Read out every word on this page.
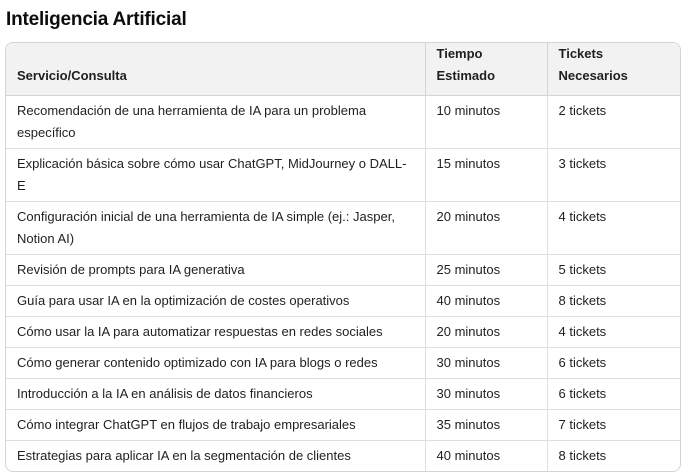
Inteligencia Artificial
Servicio/Consulta	Tiempo Estimado	Tickets Necesarios
Recomendación de una herramienta de IA para un problema específico	10 minutos	2 tickets
Explicación básica sobre cómo usar ChatGPT, MidJourney o DALL-E	15 minutos	3 tickets
Configuración inicial de una herramienta de IA simple (ej.: Jasper, Notion AI)	20 minutos	4 tickets
Revisión de prompts para IA generativa	25 minutos	5 tickets
Guía para usar IA en la optimización de costes operativos	40 minutos	8 tickets
Cómo usar la IA para automatizar respuestas en redes sociales	20 minutos	4 tickets
Cómo generar contenido optimizado con IA para blogs o redes	30 minutos	6 tickets
Introducción a la IA en análisis de datos financieros	30 minutos	6 tickets
Cómo integrar ChatGPT en flujos de trabajo empresariales	35 minutos	7 tickets
Estrategias para aplicar IA en la segmentación de clientes	40 minutos	8 tickets
